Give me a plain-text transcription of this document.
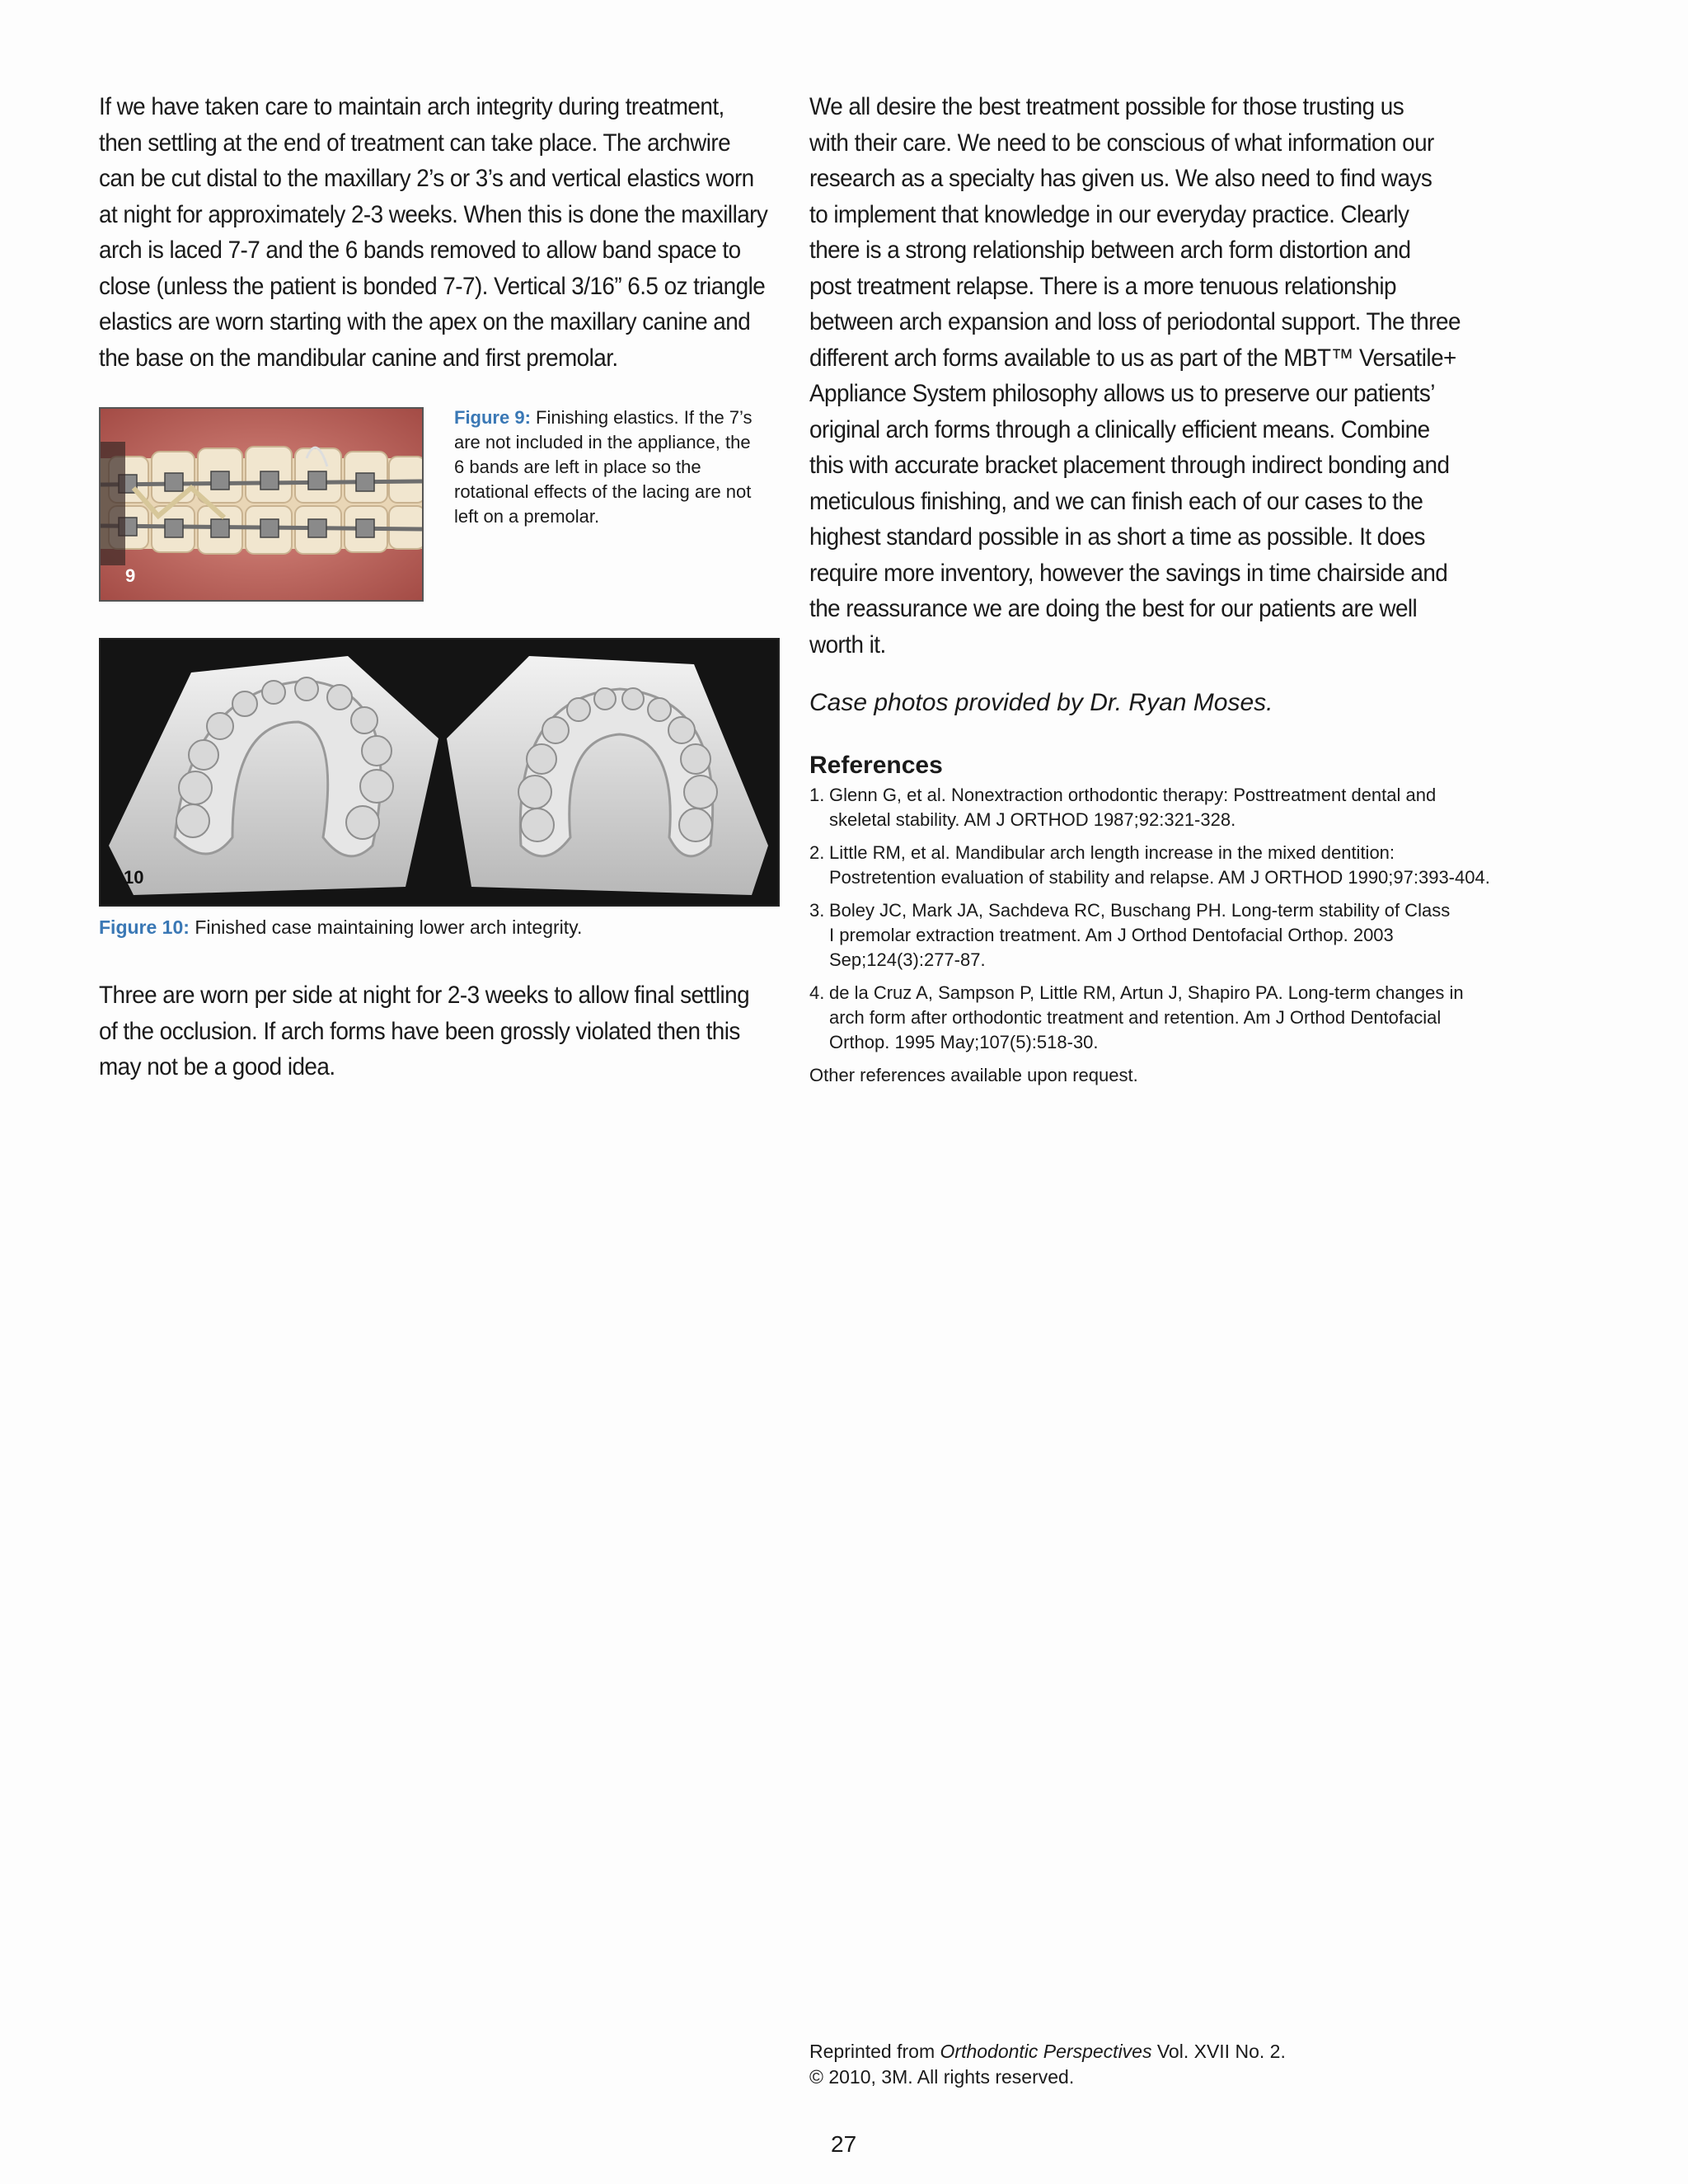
If we have taken care to maintain arch integrity during treatment,
then settling at the end of treatment can take place. The archwire
can be cut distal to the maxillary 2’s or 3’s and vertical elastics worn
at night for approximately 2-3 weeks. When this is done the maxillary
arch is laced 7-7 and the 6 bands removed to allow band space to
close (unless the patient is bonded 7-7). Vertical 3/16” 6.5 oz triangle
elastics are worn starting with the apex on the maxillary canine and
the base on the mandibular canine and first premolar.

9
Figure 9: Finishing elastics. If the 7’s
are not included in the appliance, the
6 bands are left in place so the
rotational effects of the lacing are not
left on a premolar.
10
Figure 10: Finished case maintaining lower arch integrity.

Three are worn per side at night for 2-3 weeks to allow final settling
of the occlusion. If arch forms have been grossly violated then this
may not be a good idea.

We all desire the best treatment possible for those trusting us
with their care. We need to be conscious of what information our
research as a specialty has given us. We also need to find ways
to implement that knowledge in our everyday practice. Clearly
there is a strong relationship between arch form distortion and
post treatment relapse. There is a more tenuous relationship
between arch expansion and loss of periodontal support. The three
different arch forms available to us as part of the MBT™ Versatile+
Appliance System philosophy allows us to preserve our patients’
original arch forms through a clinically efficient means. Combine
this with accurate bracket placement through indirect bonding and
meticulous finishing, and we can finish each of our cases to the
highest standard possible in as short a time as possible. It does
require more inventory, however the savings in time chairside and
the reassurance we are doing the best for our patients are well
worth it.

Case photos provided by Dr. Ryan Moses.
References
1. Glenn G, et al. Nonextraction orthodontic therapy: Posttreatment dental and
skeletal stability. AM J ORTHOD 1987;92:321-328.
2. Little RM, et al. Mandibular arch length increase in the mixed dentition:
Postretention evaluation of stability and relapse. AM J ORTHOD 1990;97:393-404.
3. Boley JC, Mark JA, Sachdeva RC, Buschang PH. Long-term stability of Class
I premolar extraction treatment. Am J Orthod Dentofacial Orthop. 2003
Sep;124(3):277-87.
4. de la Cruz A, Sampson P, Little RM, Artun J, Shapiro PA. Long-term changes in
arch form after orthodontic treatment and retention. Am J Orthod Dentofacial
Orthop. 1995 May;107(5):518-30.
Other references available upon request.
Reprinted from Orthodontic Perspectives Vol. XVII No. 2.
© 2010, 3M. All rights reserved.
27
